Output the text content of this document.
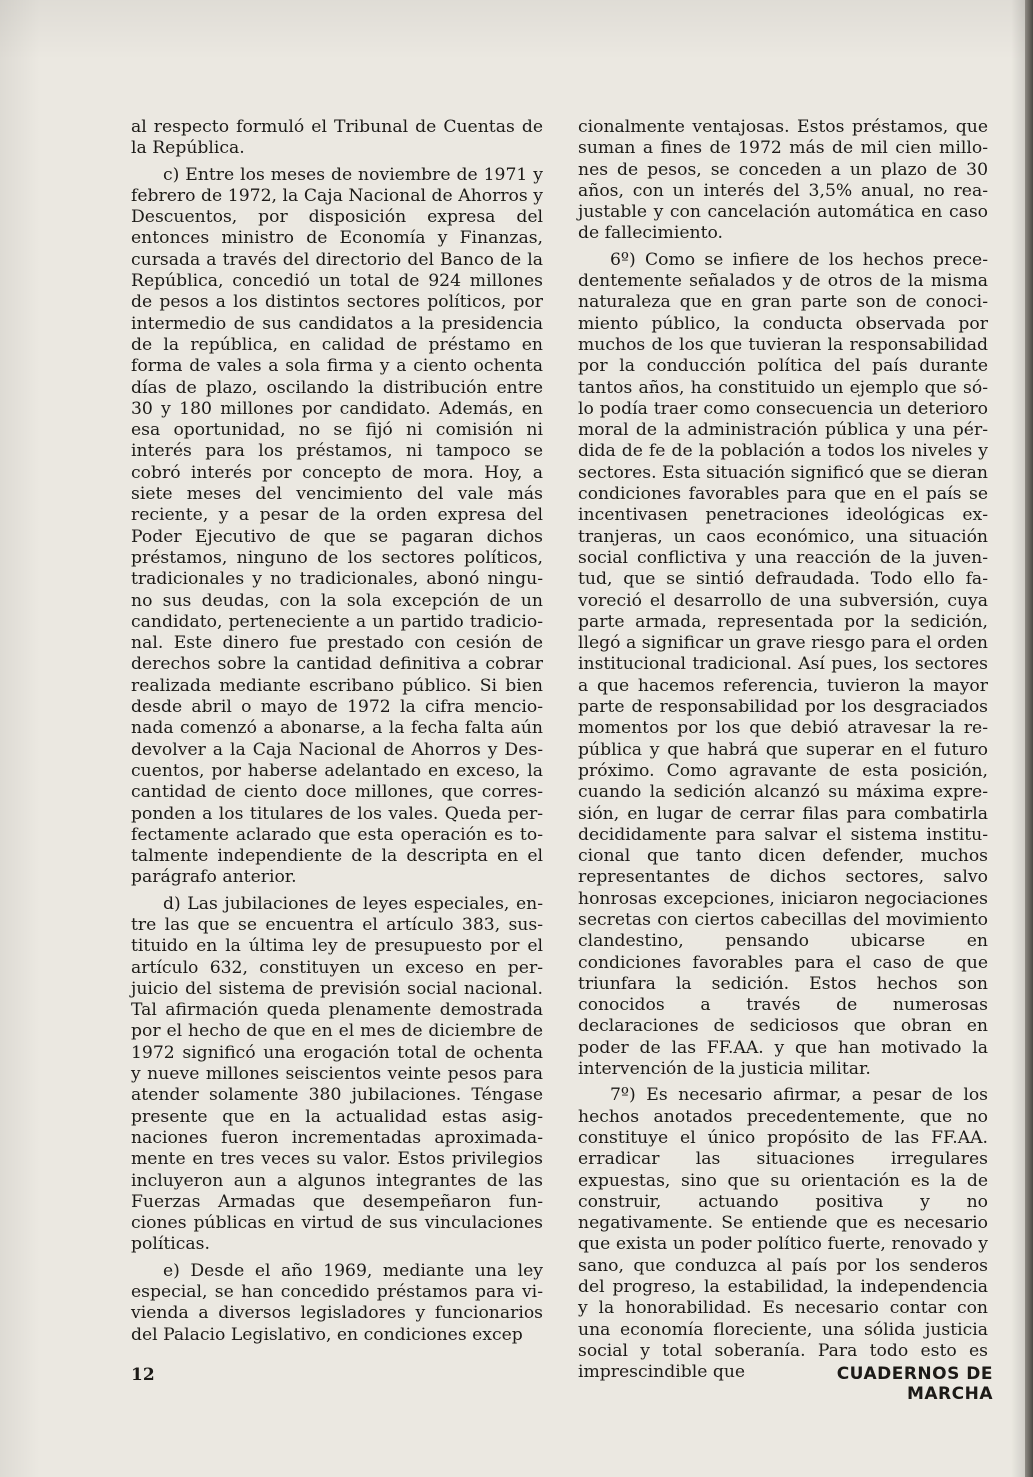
al respecto formuló el Tribunal de Cuentas de la República.

c) Entre los meses de noviembre de 1971 y febrero de 1972, la Caja Nacional de Ahorros y Descuentos, por disposición expresa del entonces ministro de Economía y Finanzas, cursada a través del directorio del Banco de la República, concedió un total de 924 millones de pesos a los distintos sectores políticos, por intermedio de sus candidatos a la presidencia de la república, en calidad de préstamo en forma de vales a sola firma y a ciento ochenta días de plazo, oscilando la distribución entre 30 y 180 millones por candidato. Además, en esa oportunidad, no se fijó ni comisión ni interés para los préstamos, ni tampoco se cobró interés por concepto de mora. Hoy, a siete meses del vencimiento del vale más reciente, y a pesar de la orden expresa del Poder Ejecutivo de que se pagaran dichos préstamos, ninguno de los sectores políticos, tradicionales y no tradicionales, abonó ninguno sus deudas, con la sola excepción de un candidato, perteneciente a un partido tradicional. Este dinero fue prestado con cesión de derechos sobre la cantidad definitiva a cobrar realizada mediante escribano público. Si bien desde abril o mayo de 1972 la cifra mencionada comenzó a abonarse, a la fecha falta aún devolver a la Caja Nacional de Ahorros y Descuentos, por haberse adelantado en exceso, la cantidad de ciento doce millones, que corresponden a los titulares de los vales. Queda perfectamente aclarado que esta operación es totalmente independiente de la descripta en el parágrafo anterior.

d) Las jubilaciones de leyes especiales, entre las que se encuentra el artículo 383, sustituido en la última ley de presupuesto por el artículo 632, constituyen un exceso en perjuicio del sistema de previsión social nacional. Tal afirmación queda plenamente demostrada por el hecho de que en el mes de diciembre de 1972 significó una erogación total de ochenta y nueve millones seiscientos veinte pesos para atender solamente 380 jubilaciones. Téngase presente que en la actualidad estas asignaciones fueron incrementadas aproximadamente en tres veces su valor. Estos privilegios incluyeron aun a algunos integrantes de las Fuerzas Armadas que desempeñaron funciones públicas en virtud de sus vinculaciones políticas.

e) Desde el año 1969, mediante una ley especial, se han concedido préstamos para vivienda a diversos legisladores y funcionarios del Palacio Legislativo, en condiciones excep

cionalmente ventajosas. Estos préstamos, que suman a fines de 1972 más de mil cien millones de pesos, se conceden a un plazo de 30 años, con un interés del 3,5% anual, no reajustable y con cancelación automática en caso de fallecimiento.

6º) Como se infiere de los hechos precedentemente señalados y de otros de la misma naturaleza que en gran parte son de conocimiento público, la conducta observada por muchos de los que tuvieran la responsabilidad por la conducción política del país durante tantos años, ha constituido un ejemplo que sólo podía traer como consecuencia un deterioro moral de la administración pública y una pérdida de fe de la población a todos los niveles y sectores. Esta situación significó que se dieran condiciones favorables para que en el país se incentivasen penetraciones ideológicas extranjeras, un caos económico, una situación social conflictiva y una reacción de la juventud, que se sintió defraudada. Todo ello favoreció el desarrollo de una subversión, cuya parte armada, representada por la sedición, llegó a significar un grave riesgo para el orden institucional tradicional. Así pues, los sectores a que hacemos referencia, tuvieron la mayor parte de responsabilidad por los desgraciados momentos por los que debió atravesar la república y que habrá que superar en el futuro próximo. Como agravante de esta posición, cuando la sedición alcanzó su máxima expresión, en lugar de cerrar filas para combatirla decididamente para salvar el sistema institucional que tanto dicen defender, muchos representantes de dichos sectores, salvo honrosas excepciones, iniciaron negociaciones secretas con ciertos cabecillas del movimiento clandestino, pensando ubicarse en condiciones favorables para el caso de que triunfara la sedición. Estos hechos son conocidos a través de numerosas declaraciones de sediciosos que obran en poder de las FF.AA. y que han motivado la intervención de la justicia militar.

7º) Es necesario afirmar, a pesar de los hechos anotados precedentemente, que no constituye el único propósito de las FF.AA. erradicar las situaciones irregulares expuestas, sino que su orientación es la de construir, actuando positiva y no negativamente. Se entiende que es necesario que exista un poder político fuerte, renovado y sano, que conduzca al país por los senderos del progreso, la estabilidad, la independencia y la honorabilidad. Es necesario contar con una economía floreciente, una sólida justicia social y total soberanía. Para todo esto es imprescindible que

12	CUADERNOS DE MARCHA
